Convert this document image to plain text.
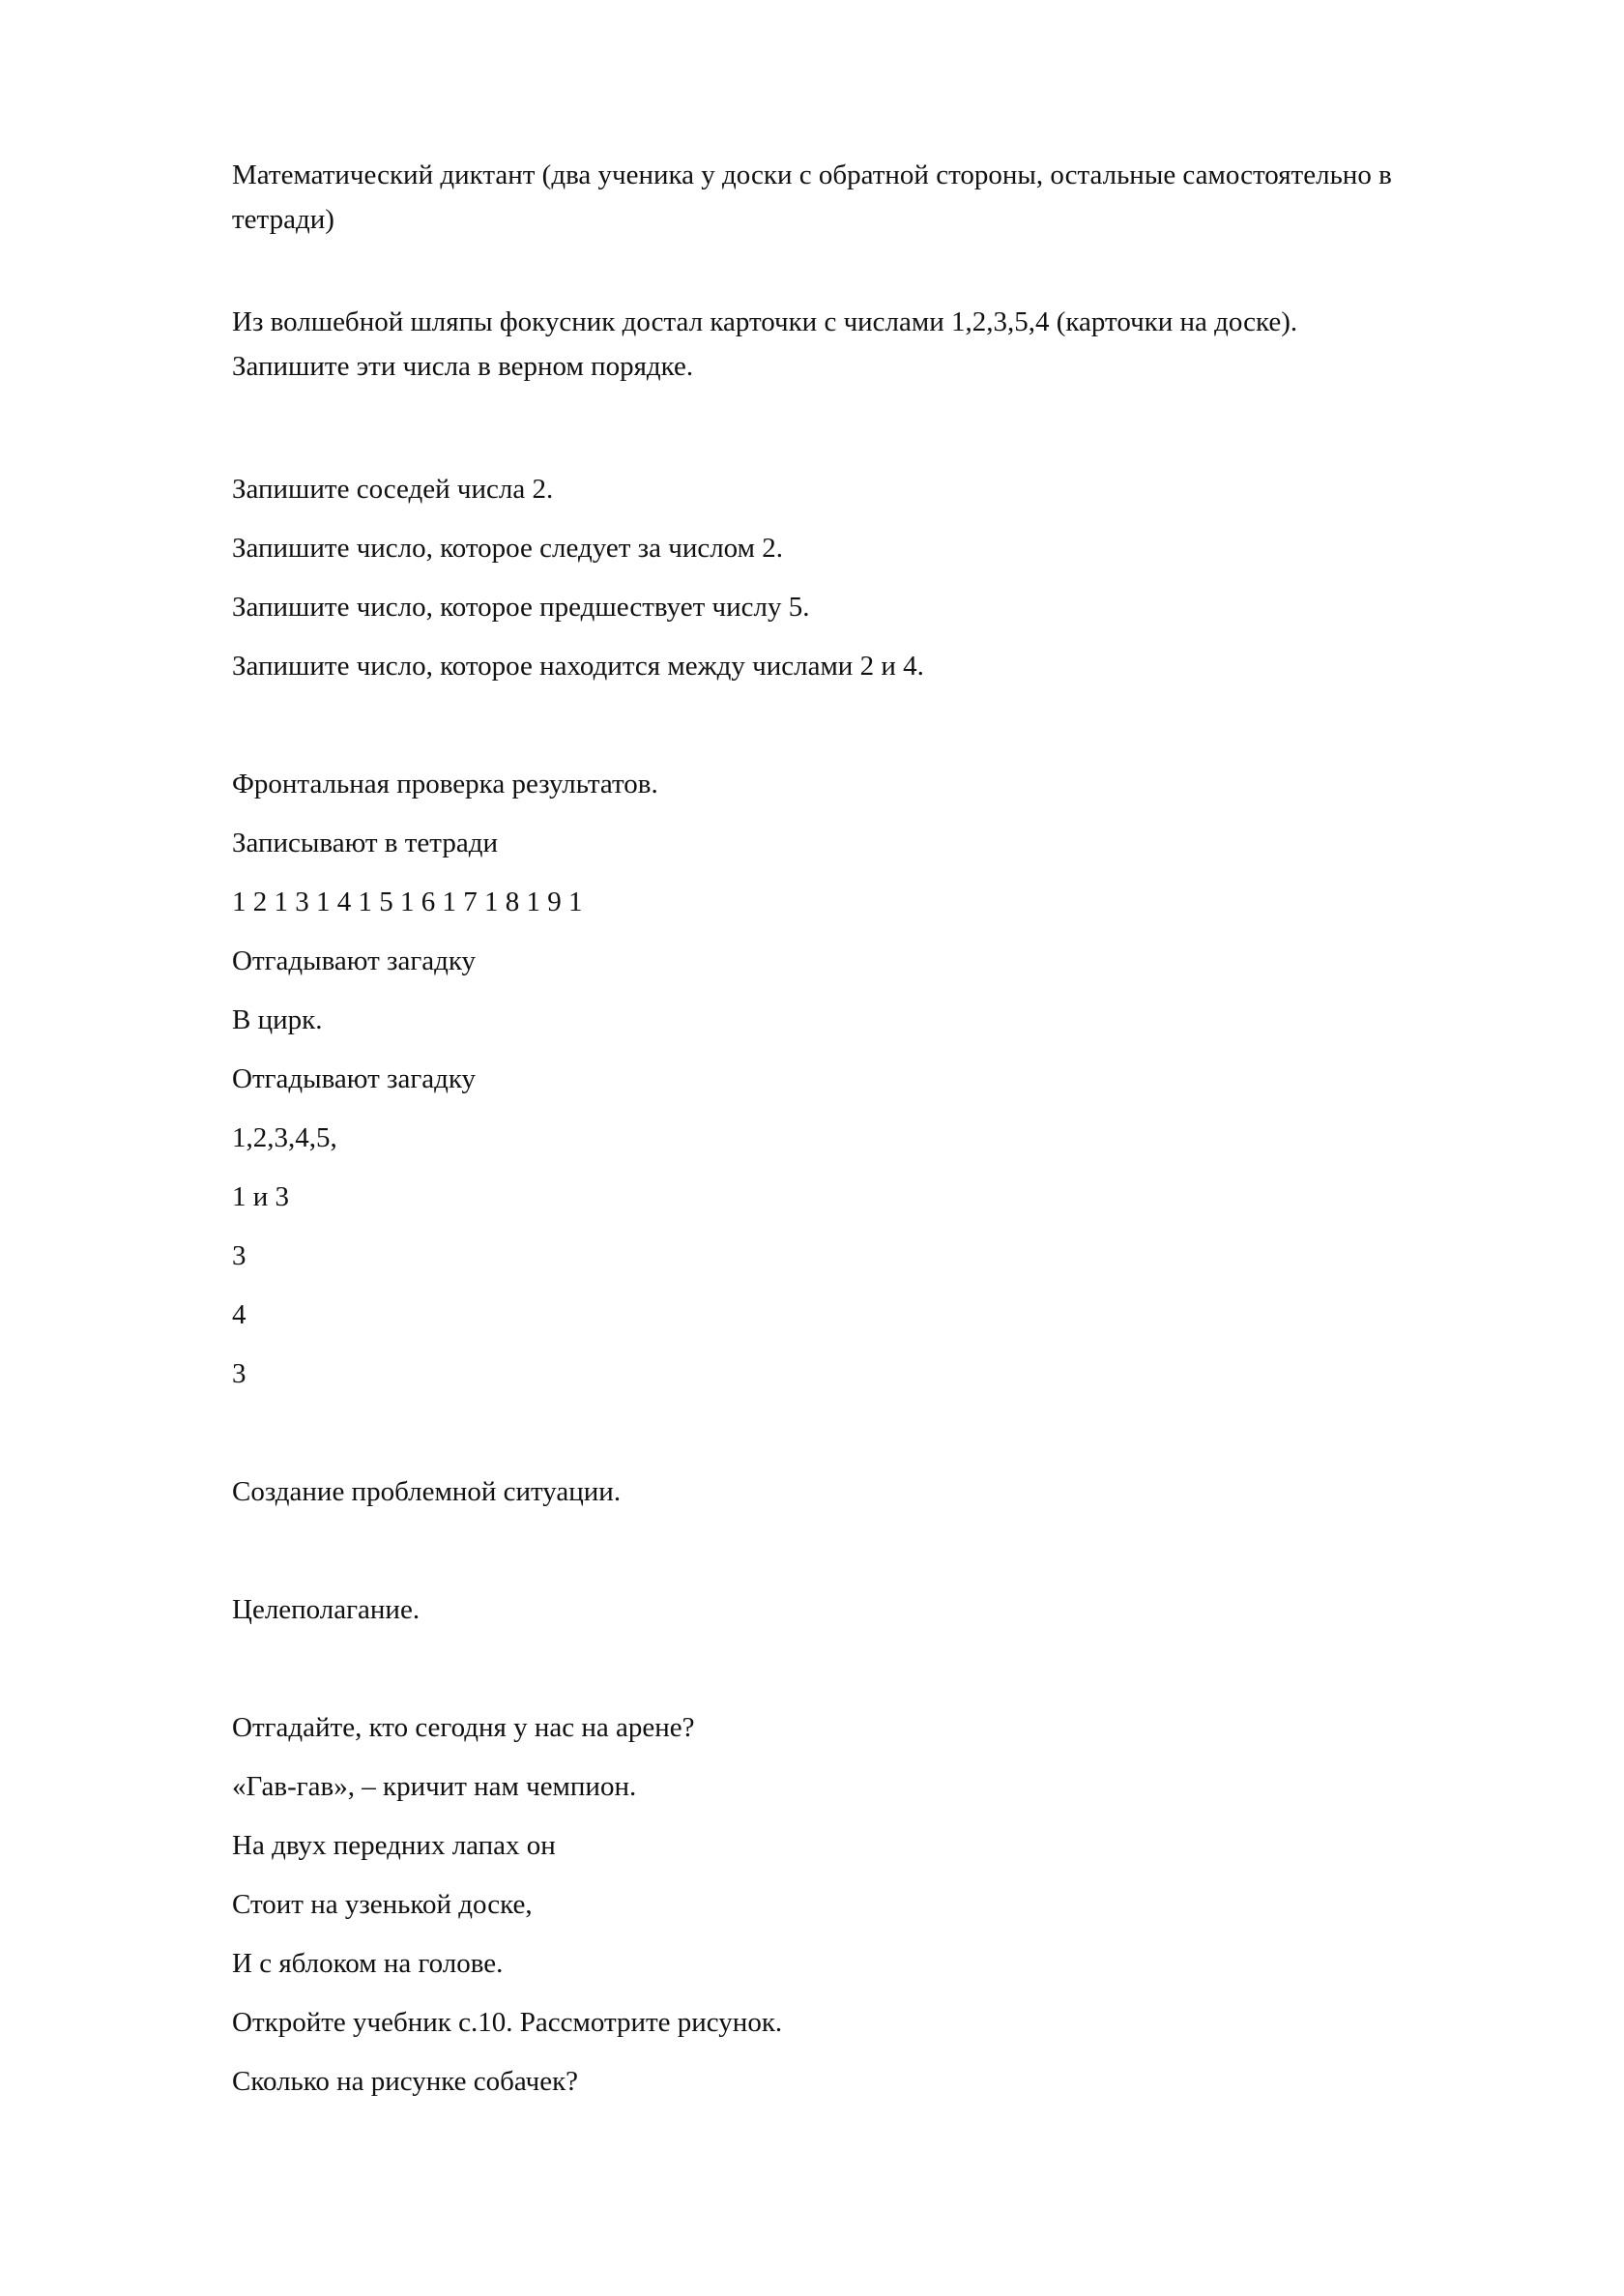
Математический диктант (два ученика у доски с обратной стороны, остальные самостоятельно в тетради)

Из волшебной шляпы фокусник достал карточки с числами 1,2,3,5,4 (карточки на доске). Запишите эти числа в верном порядке.

Запишите соседей числа 2.

Запишите число, которое следует за числом 2.

Запишите число, которое предшествует числу 5.

Запишите число, которое находится между числами 2 и 4.

Фронтальная проверка результатов.

Записывают в тетради

1 2 1 3 1 4 1 5 1 6 1 7 1 8 1 9 1

Отгадывают загадку

В цирк.

Отгадывают загадку

1,2,3,4,5,

1 и 3

3

4

3

Создание проблемной ситуации.

Целеполагание.

Отгадайте, кто сегодня у нас на арене?

«Гав-гав», – кричит нам чемпион.

На двух передних лапах он

Стоит на узенькой доске,

И с яблоком на голове.

Откройте учебник с.10. Рассмотрите рисунок.

Сколько на рисунке собачек?
